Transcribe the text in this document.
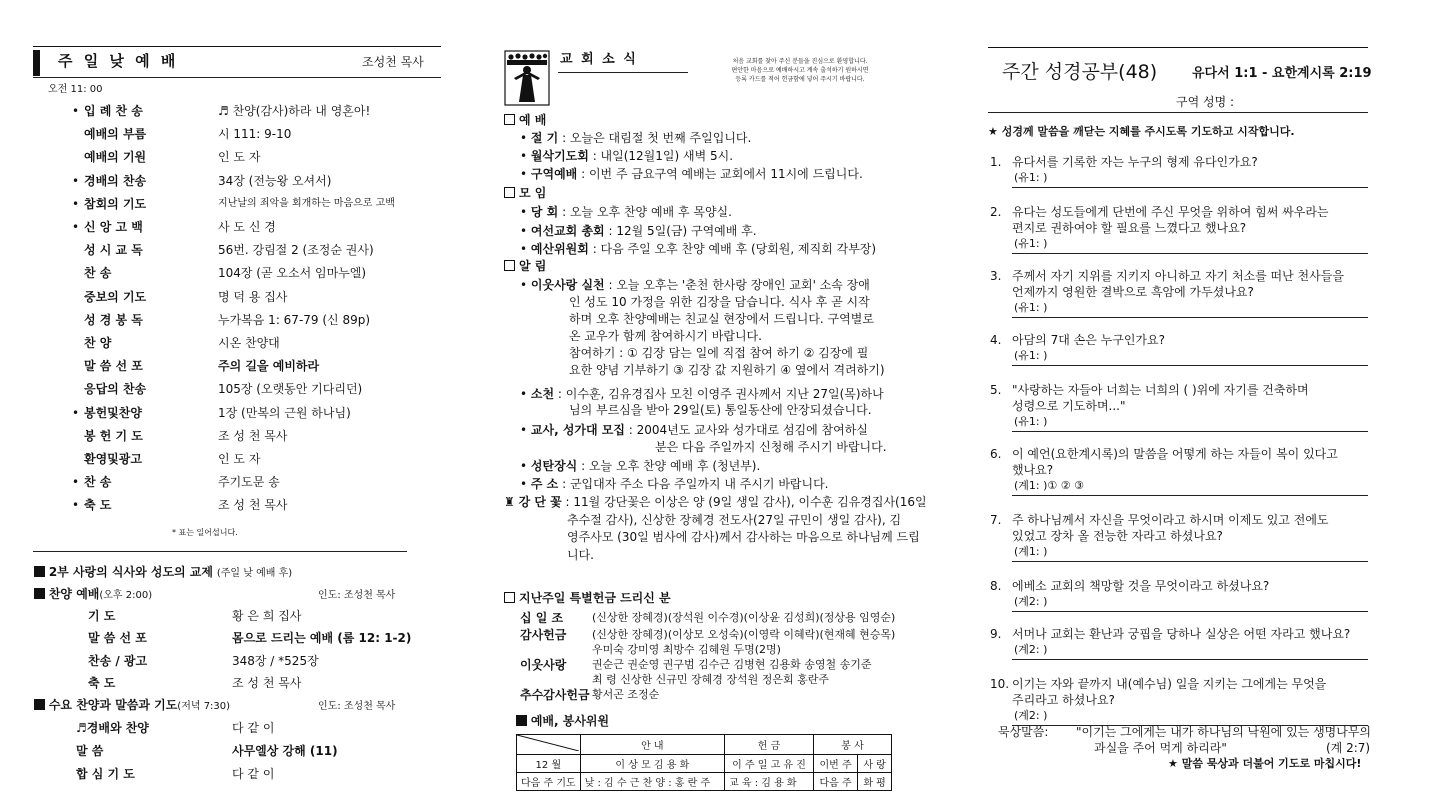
주 일 낮 예 배	조성천 목사
오전 11: 00
• 입 례 찬 송	♬ 찬양(감사)하라 내 영혼아!
예배의 부름	시 111: 9-10
예배의 기원	인 도 자
• 경배의 찬송	34장 (전능왕 오셔서)
• 참회의 기도	지난날의 죄악을 회개하는 마음으로 고백
• 신 앙 고 백	사 도 신 경
성 시 교 독	56번. 강림절 2 (조정순 권사)
찬 송	104장 (곧 오소서 임마누엘)
중보의 기도	명 덕 용 집사
성 경 봉 독	누가복음 1: 67-79 (신 89p)
찬 양	시온 찬양대
말 씀 선 포	주의 길을 예비하라
응답의 찬송	105장 (오랫동안 기다리던)
• 봉헌및찬양	1장 (만복의 근원 하나님)
봉 헌 기 도	조 성 천 목사
환영및광고	인 도 자
• 찬 송	주기도문 송
• 축 도	조 성 천 목사
* 표는 일어섭니다.
2부 사랑의 식사와 성도의 교제 (주일 낮 예배 후)
찬양 예배(오후 2:00)	인도: 조성천 목사
기 도	황 은 희 집사
말 씀 선 포	몸으로 드리는 예배 (롬 12: 1-2)
찬송 / 광고	348장 / *525장
축 도	조 성 천 목사
수요 찬양과 말씀과 기도(저녁 7:30)	인도: 조성천 목사
♬경배와 찬양	다 같 이
말 씀	사무엘상 강해 (11)
합 심 기 도	다 같 이
교 회 소 식	처음 교회를 찾아 주신 분들을 진심으로 환영합니다.
편안한 마음으로 예배하시고 계속 출석하기 원하시면
등록 카드를 적어 헌금함에 넣어 주시기 바랍니다.
예 배
모 임
알 림
• 이웃사랑 실천 : 오늘 오후는 '춘천 한사랑 장애인 교회' 소속 장애
• 소천 : 이수훈, 김유경집사 모친 이영주 권사께서 지난 27일(목)하나
님의 부르심을 받아 29일(토) 통일동산에 안장되셨습니다.
• 교사, 성가대 모집 : 2004년도 교사와 성가대로 섬김에 참여하실
분은 다음 주일까지 신청해 주시기 바랍니다.
• 성탄장식 : 오늘 오후 찬양 예배 후 (청년부).
• 주 소 : 군입대자 주소 다음 주일까지 내 주시기 바랍니다.
♜ 강 단 꽃 : 11월 강단꽃은 이상은 양 (9일 생일 감사), 이수훈 김유경집사(16일
지난주일 특별헌금 드리신 분
예배, 봉사위원
	안 내	헌 금	봉 사	
12 월	이 상 모 김 용 화	이 주 일 고 유 진	이번 주	사 랑
다음 주 기도	낮 : 김 수 근 찬 양 : 홍 란 주	교 육 : 김 용 화	다음 주	화 평
• 절 기 : 오늘은 대림절 첫 번째 주일입니다.
• 월삭기도회 : 내일(12월1일) 새벽 5시.
• 구역예배 : 이번 주 금요구역 예배는 교회에서 11시에 드립니다.
• 당 회 : 오늘 오후 찬양 예배 후 목양실.
• 여선교회 총회 : 12월 5일(금) 구역예배 후.
• 예산위원회 : 다음 주일 오후 찬양 예배 후 (당회원, 제직회 각부장)
인 성도 10 가정을 위한 김장을 담습니다. 식사 후 곧 시작
하며 오후 찬양예배는 친교실 현장에서 드립니다. 구역별로
온 교우가 함께 참여하시기 바랍니다.
참여하기 : ① 김장 담는 일에 직접 참여 하기 ② 김장에 필
요한 양념 기부하기 ③ 김장 값 지원하기 ④ 옆에서 격려하기)
추수절 감사), 신상한 장혜경 전도사(27일 규민이 생일 감사), 김
영주사모 (30일 범사에 감사)께서 감사하는 마음으로 하나님께 드립
니다.
십 일 조	(신상한 장혜경)(장석원 이수경)(이상윤 김성희)(정상용 임영순)
감사헌금 (신상한 장혜경)(이상모 오성숙)(이영락 이혜락)(현재혜 현승목)
우미숙 강미영 최방수 김혜원 두명(2명)
이웃사랑 권순근 권순영 권구범 김수근 김병현 김용화 송영철 송기준
최 령 신상한 신규민 장혜경 장석원 정은회 홍란주
추수감사헌금 황서곤 조정순
주간 성경공부(48)	유다서 1:1 - 요한계시록 2:19
구역 성명 :
★ 성경께 말씀을 깨닫는 지혜를 주시도록 기도하고 시작합니다.
1. 유다서를 기록한 자는 누구의 형제 유다인가요?
(유1: )
2. 유다는 성도들에게 단번에 주신 무엇을 위하여 힘써 싸우라는
편지로 권하여야 할 필요를 느꼈다고 했나요?
(유1: )
3. 주께서 자기 지위를 지키지 아니하고 자기 처소를 떠난 천사들을
언제까지 영원한 결박으로 흑암에 가두셨나요?
(유1: )
4. 아담의 7대 손은 누구인가요?
(유1: )
5. "사랑하는 자들아 너희는 너희의 ( )위에 자기를 건축하며
성령으로 기도하며..."
(유1: )
6. 이 예언(요한계시록)의 말씀을 어떻게 하는 자들이 복이 있다고
했나요?
(계1: )① ② ③
7. 주 하나님께서 자신을 무엇이라고 하시며 이제도 있고 전에도
있었고 장차 올 전능한 자라고 하셨나요?
(계1: )
8. 에베소 교회의 책망할 것을 무엇이라고 하셨나요?
(계2: )
9. 서머나 교회는 환난과 궁핍을 당하나 실상은 어떤 자라고 했나요?
(계2: )
10. 이기는 자와 끝까지 내(예수님) 일을 지키는 그에게는 무엇을
주리라고 하셨나요?
(계2: )
묵상말씀: "이기는 그에게는 내가 하나님의 낙원에 있는 생명나무의
과실을 주어 먹게 하리라"	(계 2:7)
★ 말씀 묵상과 더불어 기도로 마칩시다!
